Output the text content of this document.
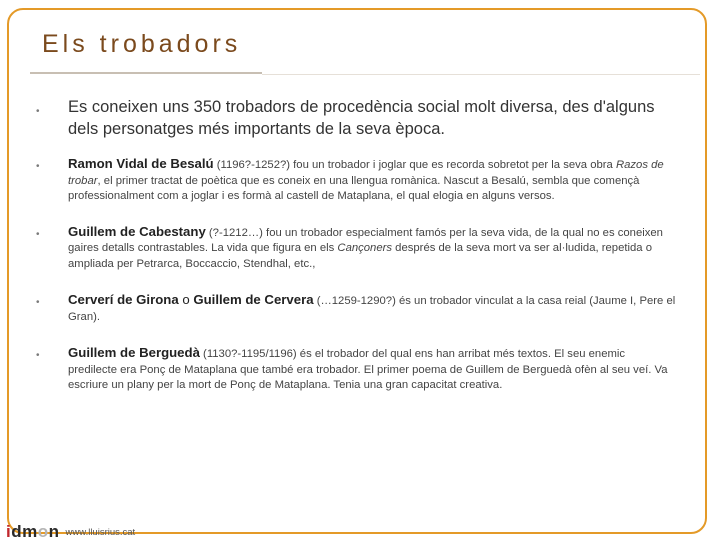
Els trobadors
• Es coneixen uns 350 trobadors de procedència social molt diversa, des d'alguns dels personatges més importants de la seva època.
• Ramon Vidal de Besalú (1196?-1252?) fou un trobador i joglar que es recorda sobretot per la seva obra Razos de trobar, el primer tractat de poètica que es coneix en una llengua romànica. Nascut a Besalú, sembla que començà professionalment com a joglar i es formà al castell de Mataplana, el qual elogia en alguns versos.
• Guillem de Cabestany (?-1212…) fou un trobador especialment famós per la seva vida, de la qual no es coneixen gaires detalls contrastables. La vida que figura en els Cançoners després de la seva mort va ser al·ludida, repetida o ampliada per Petrarca, Boccaccio, Stendhal, etc.,
• Cerverí de Girona o Guillem de Cervera (…1259-1290?) és un trobador vinculat a la casa reial (Jaume I, Pere el Gran).
• Guillem de Berguedà (1130?-1195/1196) és el trobador del qual ens han arribat més textos. El seu enemic predilecte era Ponç de Mataplana que també era trobador. El primer poema de Guillem de Berguedà ofèn al seu veí. Va escriure un plany per la mort de Ponç de Mataplana. Tenia una gran capacitat creativa.
idmon www.lluisrius.cat
